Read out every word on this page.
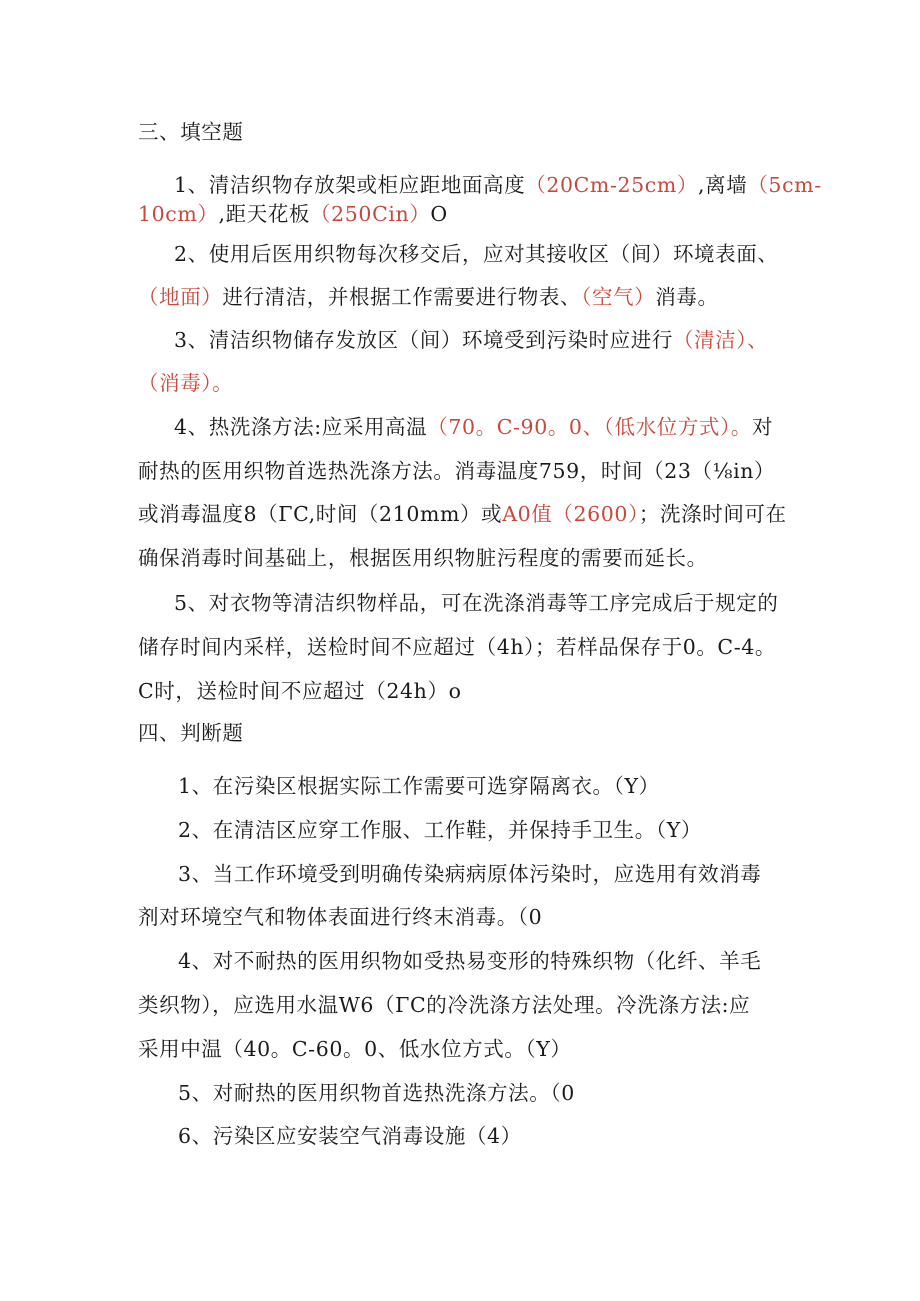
三、填空题
1、清洁织物存放架或柜应距地面高度（20Cm-25cm）,离墙（5cm-
10cm）,距天花板（250Cin）O
2、使用后医用织物每次移交后，应对其接收区（间）环境表面、
（地面）进行清洁，并根据工作需要进行物表、（空气）消毒。
3、清洁织物储存发放区（间）环境受到污染时应进行（清洁）、
（消毒）。
4、热洗涤方法:应采用高温（70。C-90。0、（低水位方式）。对
耐热的医用织物首选热洗涤方法。消毒温度759，时间（23（⅛in）
或消毒温度8（ΓC,时间（210mm）或A0值（2600）；洗涤时间可在
确保消毒时间基础上，根据医用织物脏污程度的需要而延长。
5、对衣物等清洁织物样品，可在洗涤消毒等工序完成后于规定的
储存时间内采样，送检时间不应超过（4h）；若样品保存于0。C-4。
C时，送检时间不应超过（24h）o
四、判断题
1、在污染区根据实际工作需要可选穿隔离衣。（Y）
2、在清洁区应穿工作服、工作鞋，并保持手卫生。（Y）
3、当工作环境受到明确传染病病原体污染时，应选用有效消毒
剂对环境空气和物体表面进行终末消毒。（0
4、对不耐热的医用织物如受热易变形的特殊织物（化纤、羊毛
类织物），应选用水温W6（ΓC的冷洗涤方法处理。冷洗涤方法:应
采用中温（40。C-60。0、低水位方式。（Y）
5、对耐热的医用织物首选热洗涤方法。（0
6、污染区应安装空气消毒设施（4）
